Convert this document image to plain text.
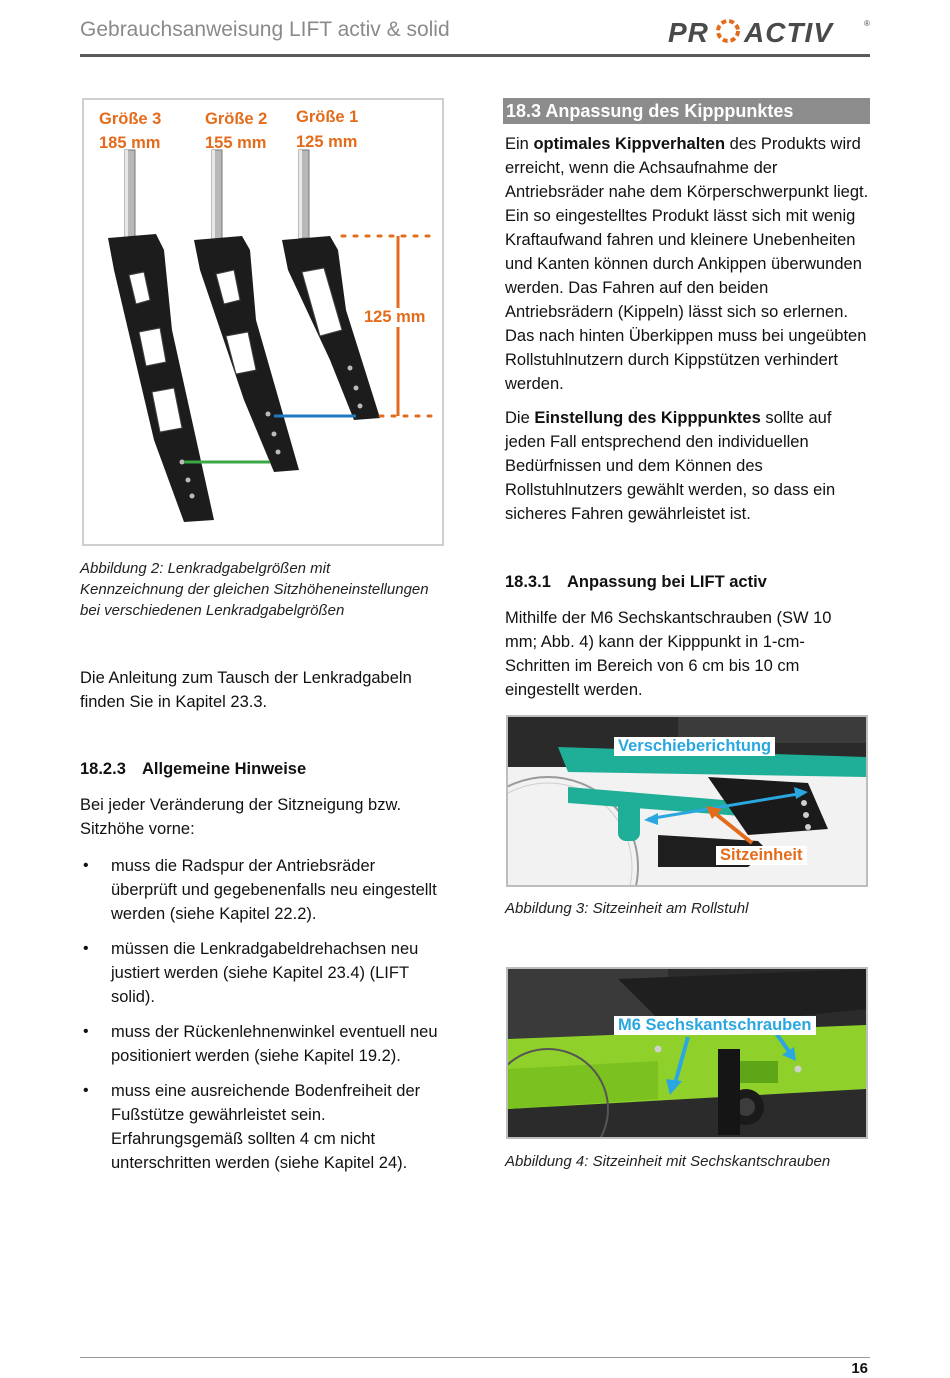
Gebrauchsanweisung LIFT activ & solid	PR ACTIV	®
Größe 3
185 mm
Größe 2
155 mm
Größe 1
125 mm
125 mm
Abbildung 2: Lenkradgabelgrößen mit Kennzeichnung der gleichen Sitzhöheneinstellungen bei verschiedenen Lenkradgabelgrößen
Die Anleitung zum Tausch der Lenkradgabeln finden Sie in Kapitel 23.3.
18.2.3 Allgemeine Hinweise
Bei jeder Veränderung der Sitzneigung bzw. Sitzhöhe vorne:
• muss die Radspur der Antriebsräder überprüft und gegebenenfalls neu eingestellt werden (siehe Kapitel 22.2).
• müssen die Lenkradgabeldrehachsen neu justiert werden (siehe Kapitel 23.4) (LIFT solid).
• muss der Rückenlehnenwinkel eventuell neu positioniert werden (siehe Kapitel 19.2).
• muss eine ausreichende Bodenfreiheit der Fußstütze gewährleistet sein. Erfahrungsgemäß sollten 4 cm nicht unterschritten werden (siehe Kapitel 24).
18.3 Anpassung des Kipppunktes
Ein optimales Kippverhalten des Produkts wird erreicht, wenn die Achsaufnahme der Antriebsräder nahe dem Körperschwerpunkt liegt. Ein so eingestelltes Produkt lässt sich mit wenig Kraftaufwand fahren und kleinere Unebenheiten und Kanten können durch Ankippen überwunden werden. Das Fahren auf den beiden Antriebsrädern (Kippeln) lässt sich so erlernen. Das nach hinten Überkippen muss bei ungeübten Rollstuhlnutzern durch Kippstützen verhindert werden.
Die Einstellung des Kipppunktes sollte auf jeden Fall entsprechend den individuellen Bedürfnissen und dem Können des Rollstuhlnutzers gewählt werden, so dass ein sicheres Fahren gewährleistet ist.
18.3.1 Anpassung bei LIFT activ
Mithilfe der M6 Sechskantschrauben (SW 10 mm; Abb. 4) kann der Kipppunkt in 1-cm-Schritten im Bereich von 6 cm bis 10 cm eingestellt werden.
Verschieberichtung
Sitzeinheit
Abbildung 3: Sitzeinheit am Rollstuhl
M6 Sechskantschrauben
Abbildung 4: Sitzeinheit mit Sechskantschrauben
16
